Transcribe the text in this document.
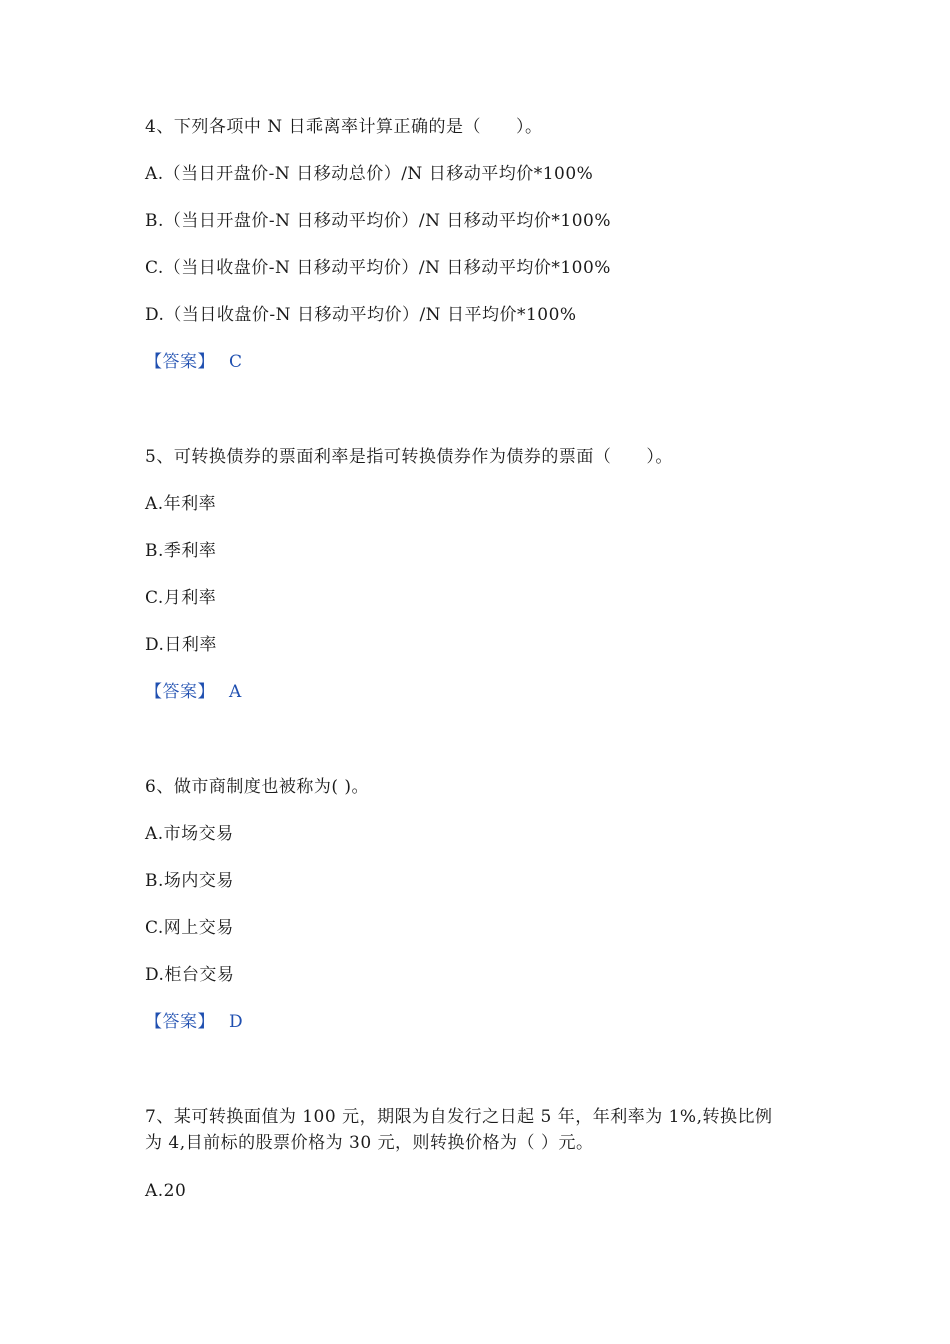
4、下列各项中 N 日乖离率计算正确的是（　　）。
A.（当日开盘价-N 日移动总价）/N 日移动平均价*100%
B.（当日开盘价-N 日移动平均价）/N 日移动平均价*100%
C.（当日收盘价-N 日移动平均价）/N 日移动平均价*100%
D.（当日收盘价-N 日移动平均价）/N 日平均价*100%
【答案】 C
5、可转换债券的票面利率是指可转换债券作为债券的票面（　　）。
A.年利率
B.季利率
C.月利率
D.日利率
【答案】 A
6、做市商制度也被称为( )。
A.市场交易
B.场内交易
C.网上交易
D.柜台交易
【答案】 D
7、某可转换面值为 100 元，期限为自发行之日起 5 年，年利率为 1%,转换比例
为 4,目前标的股票价格为 30 元，则转换价格为（ ）元。
A.20
